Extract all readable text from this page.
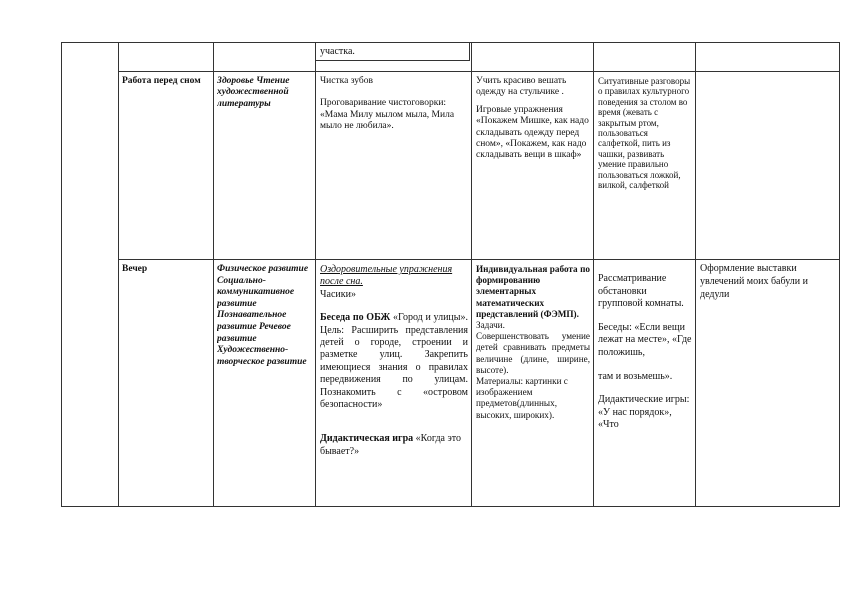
участка.
Работа перед сном	Здоровье Чтение художественной литературы

Чистка зубов

Проговаривание чистоговорки:

«Мама Милу мылом мыла, Мила мыло не любила».

Учить красиво вешать одежду на стульчике .

Игровые упражнения «Покажем Мишке, как надо складывать одежду перед сном», «Покажем, как надо складывать вещи в шкаф»

Ситуативные разговоры о правилах культурного поведения за столом во время (жевать с закрытым ртом, пользоваться салфеткой, пить из чашки, развивать умение правильно пользоваться ложкой, вилкой, салфеткой
Вечер	Физическое развитие Социально-коммуникативное развитие Познавательное развитие Речевое развитие Художественно-творческое развитие

Оздоровительные упражнения после сна.

Часики»

Беседа по ОБЖ «Город и улицы». Цель: Расширить представления детей о городе, строении и разметке улиц. Закрепить имеющиеся знания о правилах передвижения по улицам. Познакомить с «островом безопасности»

Дидактическая игра «Когда это бывает?»

Индивидуальная работа по формированию элементарных математических представлений (ФЭМП).

Задачи.

Совершенствовать умение детей сравнивать предметы величине (длине, ширине, высоте).

Материалы: картинки с изображением предметов(длинных, высоких, широких).

Рассматривание обстановки групповой комнаты.

Беседы: «Если вещи лежат на месте», «Где положишь,

там и возьмешь».

Дидактические игры: «У нас порядок», «Что

Оформление выставки увлечений моих бабули и дедули
